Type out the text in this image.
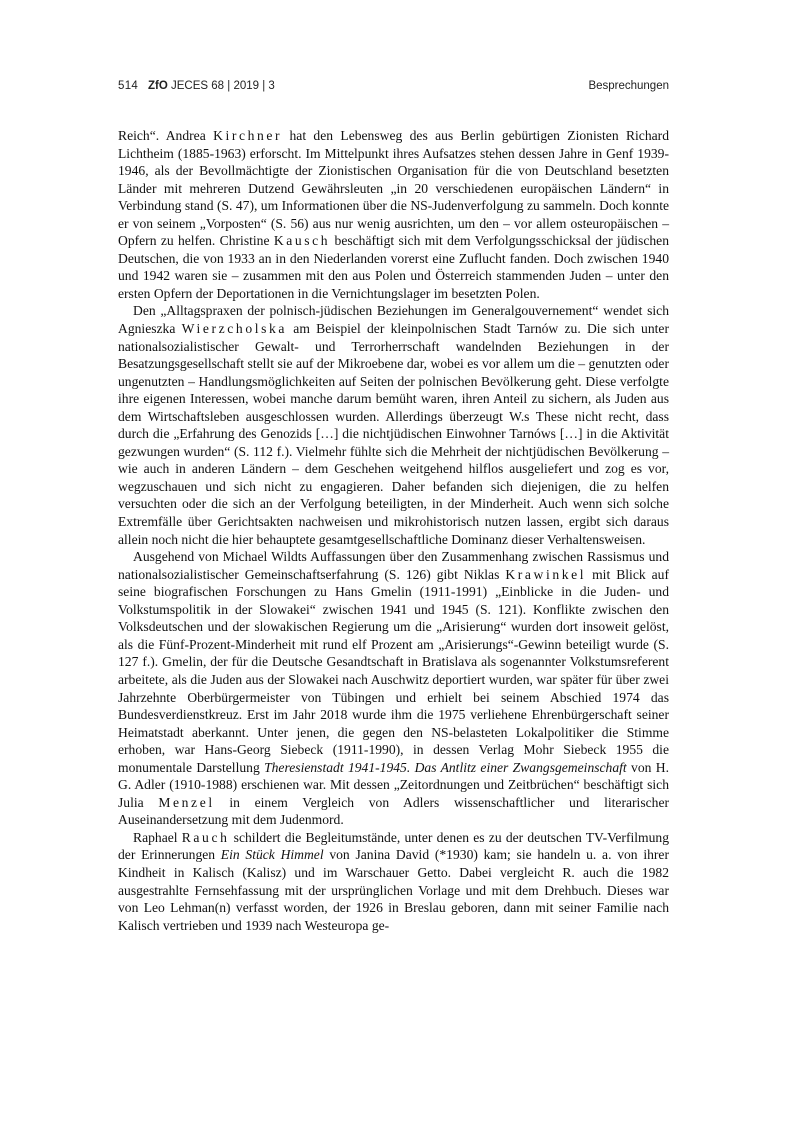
514 ZfO JECES 68 | 2019 | 3	Besprechungen

Reich“. Andrea Kirchner hat den Lebensweg des aus Berlin gebürtigen Zionisten Richard Lichtheim (1885-1963) erforscht. Im Mittelpunkt ihres Aufsatzes stehen dessen Jahre in Genf 1939-1946, als der Bevollmächtigte der Zionistischen Organisation für die von Deutschland besetzten Länder mit mehreren Dutzend Gewährsleuten „in 20 verschiedenen europäischen Ländern“ in Verbindung stand (S. 47), um Informationen über die NS-Judenverfolgung zu sammeln. Doch konnte er von seinem „Vorposten“ (S. 56) aus nur wenig ausrichten, um den – vor allem osteuropäischen – Opfern zu helfen. Christine Kausch beschäftigt sich mit dem Verfolgungsschicksal der jüdischen Deutschen, die von 1933 an in den Niederlanden vorerst eine Zuflucht fanden. Doch zwischen 1940 und 1942 waren sie – zusammen mit den aus Polen und Österreich stammenden Juden – unter den ersten Opfern der Deportationen in die Vernichtungslager im besetzten Polen.

Den „Alltagspraxen der polnisch-jüdischen Beziehungen im Generalgouvernement“ wendet sich Agnieszka Wierzcholska am Beispiel der kleinpolnischen Stadt Tarnów zu. Die sich unter nationalsozialistischer Gewalt- und Terrorherrschaft wandelnden Beziehungen in der Besatzungsgesellschaft stellt sie auf der Mikroebene dar, wobei es vor allem um die – genutzten oder ungenutzten – Handlungsmöglichkeiten auf Seiten der polnischen Bevölkerung geht. Diese verfolgte ihre eigenen Interessen, wobei manche darum bemüht waren, ihren Anteil zu sichern, als Juden aus dem Wirtschaftsleben ausgeschlossen wurden. Allerdings überzeugt W.s These nicht recht, dass durch die „Erfahrung des Genozids […] die nichtjüdischen Einwohner Tarnóws […] in die Aktivität gezwungen wurden“ (S. 112 f.). Vielmehr fühlte sich die Mehrheit der nichtjüdischen Bevölkerung – wie auch in anderen Ländern – dem Geschehen weitgehend hilflos ausgeliefert und zog es vor, wegzuschauen und sich nicht zu engagieren. Daher befanden sich diejenigen, die zu helfen versuchten oder die sich an der Verfolgung beteiligten, in der Minderheit. Auch wenn sich solche Extremfälle über Gerichtsakten nachweisen und mikrohistorisch nutzen lassen, ergibt sich daraus allein noch nicht die hier behauptete gesamtgesellschaftliche Dominanz dieser Verhaltensweisen.

Ausgehend von Michael Wildts Auffassungen über den Zusammenhang zwischen Rassismus und nationalsozialistischer Gemeinschaftserfahrung (S. 126) gibt Niklas Krawinkel mit Blick auf seine biografischen Forschungen zu Hans Gmelin (1911-1991) „Einblicke in die Juden- und Volkstumspolitik in der Slowakei“ zwischen 1941 und 1945 (S. 121). Konflikte zwischen den Volksdeutschen und der slowakischen Regierung um die „Arisierung“ wurden dort insoweit gelöst, als die Fünf-Prozent-Minderheit mit rund elf Prozent am „Arisierungs“-Gewinn beteiligt wurde (S. 127 f.). Gmelin, der für die Deutsche Gesandtschaft in Bratislava als sogenannter Volkstumsreferent arbeitete, als die Juden aus der Slowakei nach Auschwitz deportiert wurden, war später für über zwei Jahrzehnte Oberbürgermeister von Tübingen und erhielt bei seinem Abschied 1974 das Bundesverdienstkreuz. Erst im Jahr 2018 wurde ihm die 1975 verliehene Ehrenbürgerschaft seiner Heimatstadt aberkannt. Unter jenen, die gegen den NS-belasteten Lokalpolitiker die Stimme erhoben, war Hans-Georg Siebeck (1911-1990), in dessen Verlag Mohr Siebeck 1955 die monumentale Darstellung Theresienstadt 1941-1945. Das Antlitz einer Zwangsgemeinschaft von H. G. Adler (1910-1988) erschienen war. Mit dessen „Zeitordnungen und Zeitbrüchen“ beschäftigt sich Julia Menzel in einem Vergleich von Adlers wissenschaftlicher und literarischer Auseinandersetzung mit dem Judenmord.

Raphael Rauch schildert die Begleitumstände, unter denen es zu der deutschen TV-Verfilmung der Erinnerungen Ein Stück Himmel von Janina David (*1930) kam; sie handeln u. a. von ihrer Kindheit in Kalisch (Kalisz) und im Warschauer Getto. Dabei vergleicht R. auch die 1982 ausgestrahlte Fernsehfassung mit der ursprünglichen Vorlage und mit dem Drehbuch. Dieses war von Leo Lehman(n) verfasst worden, der 1926 in Breslau geboren, dann mit seiner Familie nach Kalisch vertrieben und 1939 nach Westeuropa ge-
